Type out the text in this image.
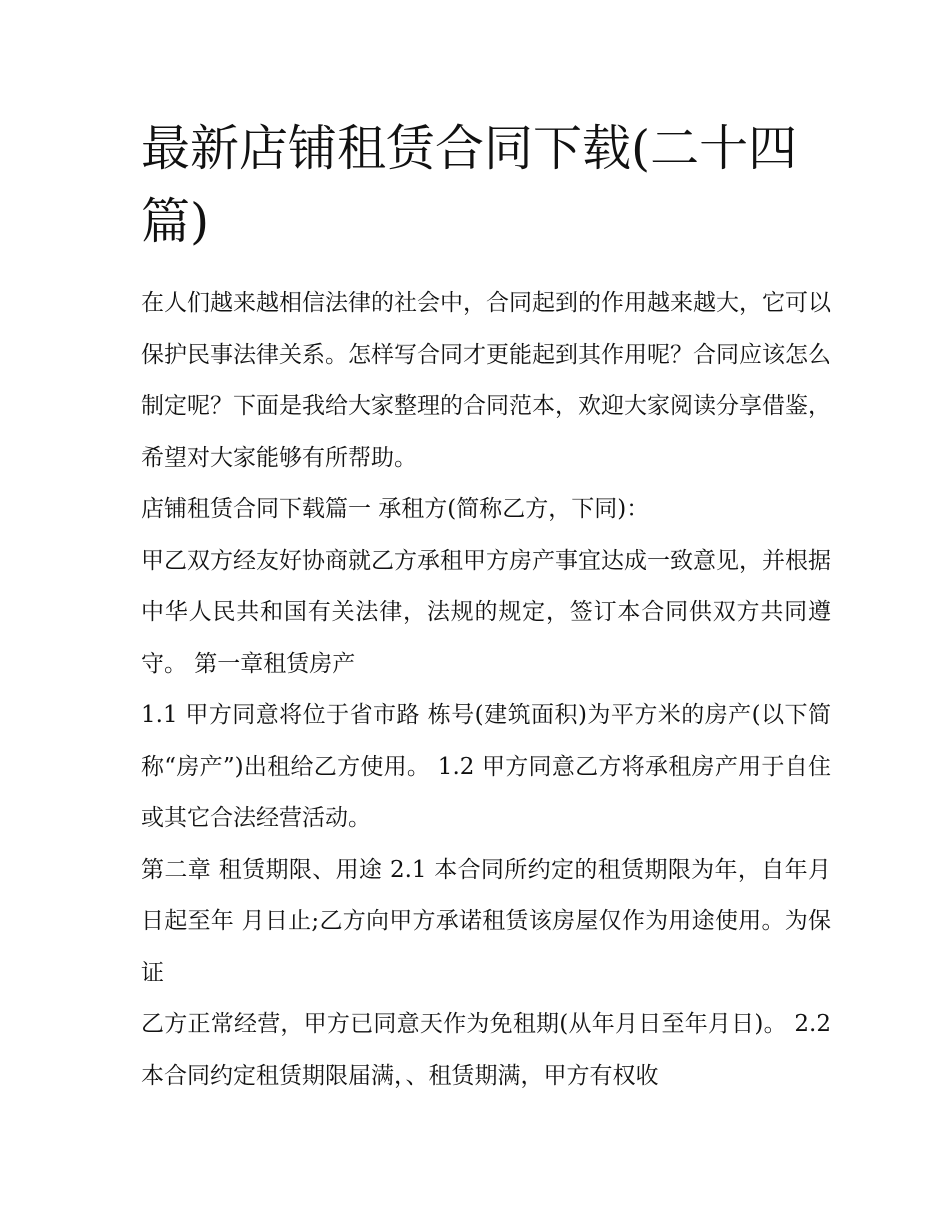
最新店铺租赁合同下载(二十四篇)

在人们越来越相信法律的社会中，合同起到的作用越来越大，它可以保护民事法律关系。怎样写合同才更能起到其作用呢？合同应该怎么制定呢？下面是我给大家整理的合同范本，欢迎大家阅读分享借鉴，希望对大家能够有所帮助。

店铺租赁合同下载篇一 承租方(简称乙方，下同)：

甲乙双方经友好协商就乙方承租甲方房产事宜达成一致意见，并根据中华人民共和国有关法律，法规的规定，签订本合同供双方共同遵守。 第一章租赁房产

1.1 甲方同意将位于省市路 栋号(建筑面积)为平方米的房产(以下简称“房产”)出租给乙方使用。 1.2 甲方同意乙方将承租房产用于自住或其它合法经营活动。

第二章 租赁期限、用途 2.1 本合同所约定的租赁期限为年，自年月日起至年 月日止;乙方向甲方承诺租赁该房屋仅作为用途使用。为保证

乙方正常经营，甲方已同意天作为免租期(从年月日至年月日)。 2.2 本合同约定租赁期限届满，、租赁期满，甲方有权收
